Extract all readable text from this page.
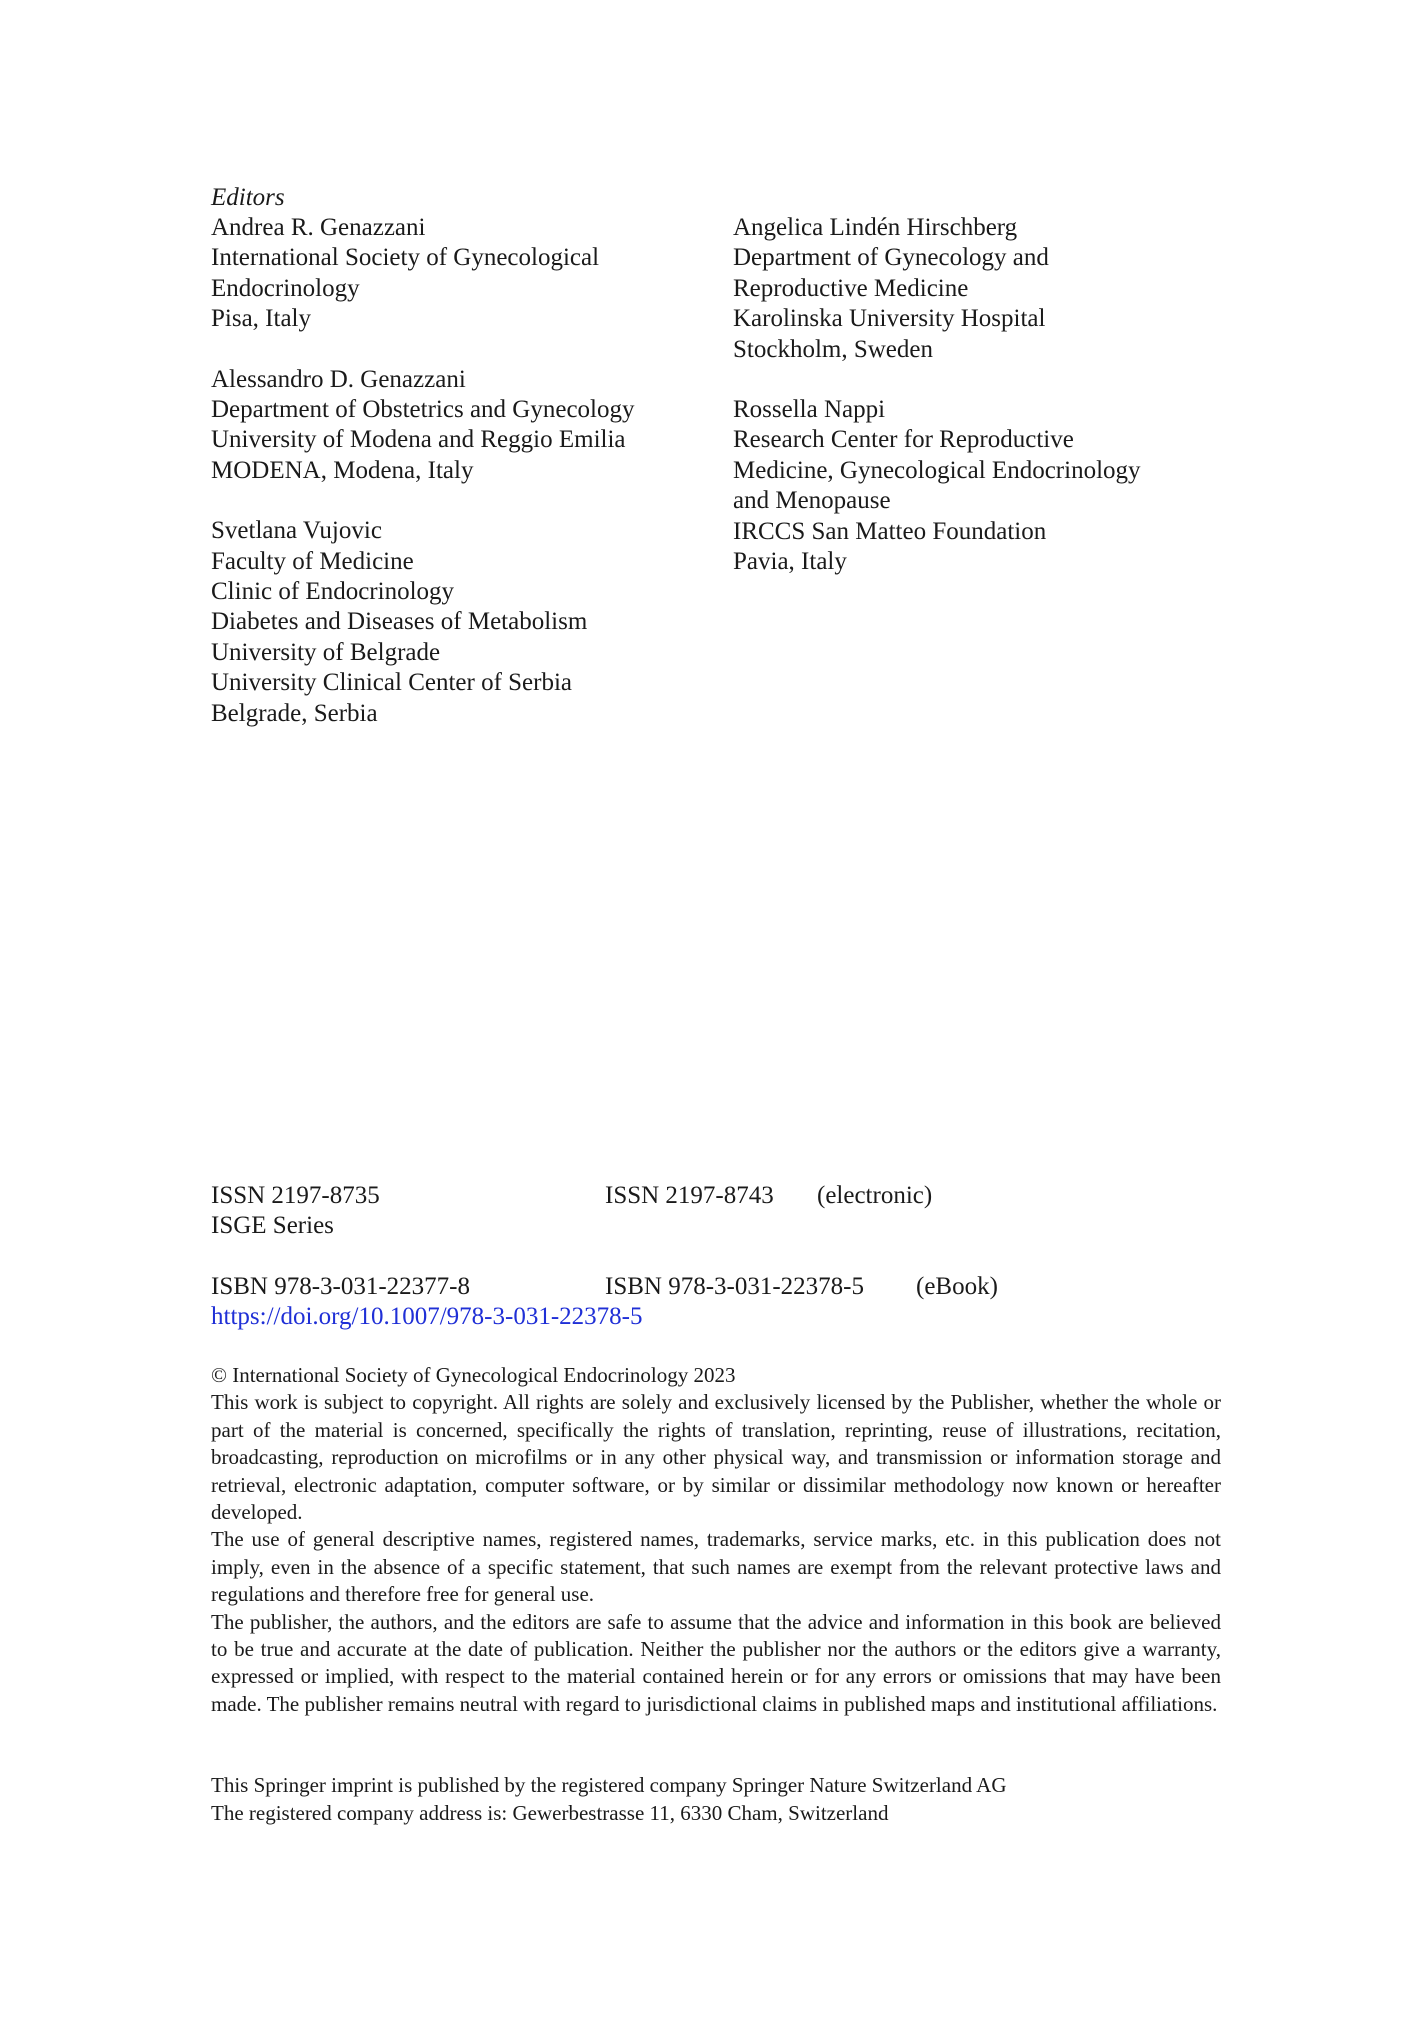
Editors
Andrea R. Genazzani
International Society of Gynecological
Endocrinology
Pisa, Italy
Alessandro D. Genazzani
Department of Obstetrics and Gynecology
University of Modena and Reggio Emilia
MODENA, Modena, Italy
Svetlana Vujovic
Faculty of Medicine
Clinic of Endocrinology
Diabetes and Diseases of Metabolism
University of Belgrade
University Clinical Center of Serbia
Belgrade, Serbia
Angelica Lindén Hirschberg
Department of Gynecology and
Reproductive Medicine
Karolinska University Hospital
Stockholm, Sweden
Rossella Nappi
Research Center for Reproductive
Medicine, Gynecological Endocrinology
and Menopause
IRCCS San Matteo Foundation
Pavia, Italy
ISSN 2197-8735	ISSN 2197-8743 (electronic)
ISGE Series
ISBN 978-3-031-22377-8	ISBN 978-3-031-22378-5 (eBook)
https://doi.org/10.1007/978-3-031-22378-5

© International Society of Gynecological Endocrinology 2023

This work is subject to copyright. All rights are solely and exclusively licensed by the Publisher, whether the whole or part of the material is concerned, specifically the rights of translation, reprinting, reuse of illustrations, recitation, broadcasting, reproduction on microfilms or in any other physical way, and transmission or information storage and retrieval, electronic adaptation, computer software, or by similar or dissimilar methodology now known or hereafter developed.

The use of general descriptive names, registered names, trademarks, service marks, etc. in this publication does not imply, even in the absence of a specific statement, that such names are exempt from the relevant protective laws and regulations and therefore free for general use.

The publisher, the authors, and the editors are safe to assume that the advice and information in this book are believed to be true and accurate at the date of publication. Neither the publisher nor the authors or the editors give a warranty, expressed or implied, with respect to the material contained herein or for any errors or omissions that may have been made. The publisher remains neutral with regard to jurisdictional claims in published maps and institutional affiliations.

This Springer imprint is published by the registered company Springer Nature Switzerland AG

The registered company address is: Gewerbestrasse 11, 6330 Cham, Switzerland
